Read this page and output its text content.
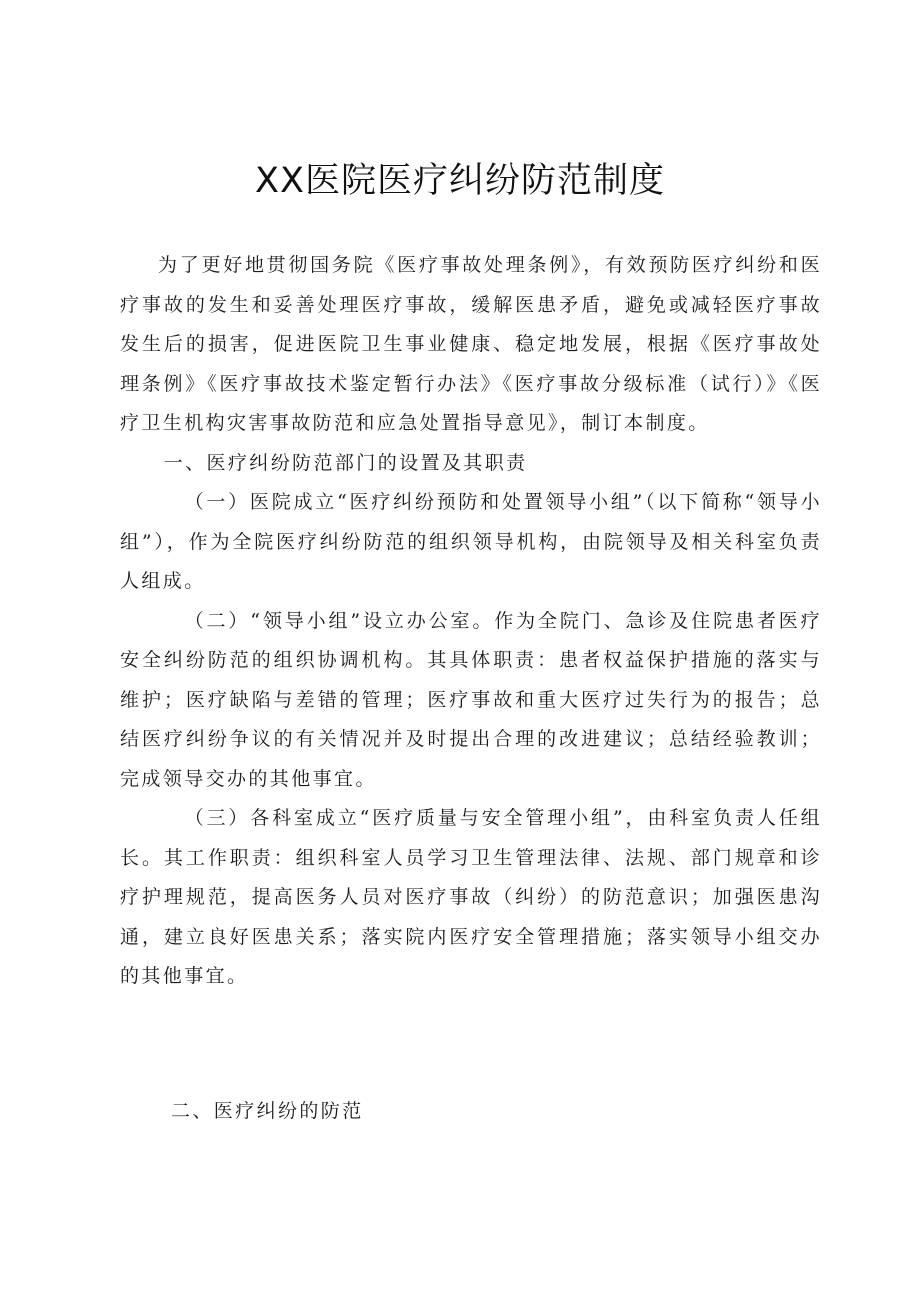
XX医院医疗纠纷防范制度

为了更好地贯彻国务院《医疗事故处理条例》，有效预防医疗纠纷和医疗事故的发生和妥善处理医疗事故，缓解医患矛盾，避免或减轻医疗事故发生后的损害，促进医院卫生事业健康、稳定地发展，根据《医疗事故处理条例》《医疗事故技术鉴定暂行办法》《医疗事故分级标准（试行）》《医疗卫生机构灾害事故防范和应急处置指导意见》，制订本制度。

一、医疗纠纷防范部门的设置及其职责

（一）医院成立“医疗纠纷预防和处置领导小组”（以下简称“领导小组”），作为全院医疗纠纷防范的组织领导机构，由院领导及相关科室负责人组成。

（二）“领导小组”设立办公室。作为全院门、急诊及住院患者医疗安全纠纷防范的组织协调机构。其具体职责：患者权益保护措施的落实与维护；医疗缺陷与差错的管理；医疗事故和重大医疗过失行为的报告；总结医疗纠纷争议的有关情况并及时提出合理的改进建议；总结经验教训；完成领导交办的其他事宜。

（三）各科室成立“医疗质量与安全管理小组”，由科室负责人任组长。其工作职责：组织科室人员学习卫生管理法律、法规、部门规章和诊疗护理规范，提高医务人员对医疗事故（纠纷）的防范意识；加强医患沟通，建立良好医患关系；落实院内医疗安全管理措施；落实领导小组交办的其他事宜。

二、医疗纠纷的防范
